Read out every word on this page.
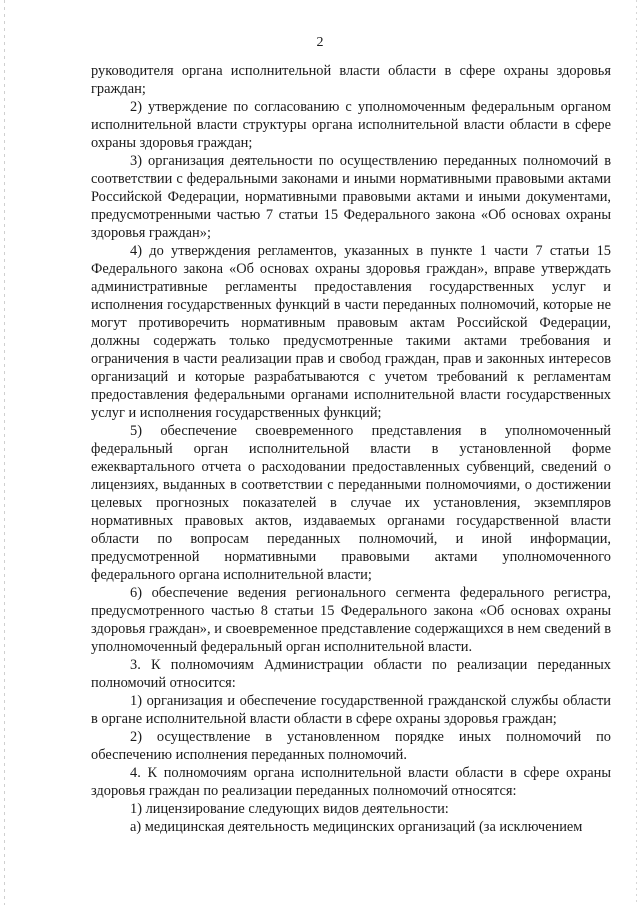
2

руководителя органа исполнительной власти области в сфере охраны здоровья граждан;

2) утверждение по согласованию с уполномоченным федеральным органом исполнительной власти структуры органа исполнительной власти области в сфере охраны здоровья граждан;

3) организация деятельности по осуществлению переданных полномочий в соответствии с федеральными законами и иными нормативными правовыми актами Российской Федерации, нормативными правовыми актами и иными документами, предусмотренными частью 7 статьи 15 Федерального закона «Об основах охраны здоровья граждан»;

4) до утверждения регламентов, указанных в пункте 1 части 7 статьи 15 Федерального закона «Об основах охраны здоровья граждан», вправе утверждать административные регламенты предоставления государственных услуг и исполнения государственных функций в части переданных полномочий, которые не могут противоречить нормативным правовым актам Российской Федерации, должны содержать только предусмотренные такими актами требования и ограничения в части реализации прав и свобод граждан, прав и законных интересов организаций и которые разрабатываются с учетом требований к регламентам предоставления федеральными органами исполнительной власти государственных услуг и исполнения государственных функций;

5) обеспечение своевременного представления в уполномоченный федеральный орган исполнительной власти в установленной форме ежеквартального отчета о расходовании предоставленных субвенций, сведений о лицензиях, выданных в соответствии с переданными полномочиями, о достижении целевых прогнозных показателей в случае их установления, экземпляров нормативных правовых актов, издаваемых органами государственной власти области по вопросам переданных полномочий, и иной информации, предусмотренной нормативными правовыми актами уполномоченного федерального органа исполнительной власти;

6) обеспечение ведения регионального сегмента федерального регистра, предусмотренного частью 8 статьи 15 Федерального закона «Об основах охраны здоровья граждан», и своевременное представление содержащихся в нем сведений в уполномоченный федеральный орган исполнительной власти.

3. К полномочиям Администрации области по реализации переданных полномочий относится:

1) организация и обеспечение государственной гражданской службы области в органе исполнительной власти области в сфере охраны здоровья граждан;

2) осуществление в установленном порядке иных полномочий по обеспечению исполнения переданных полномочий.

4. К полномочиям органа исполнительной власти области в сфере охраны здоровья граждан по реализации переданных полномочий относятся:

1) лицензирование следующих видов деятельности:

а) медицинская деятельность медицинских организаций (за исключением
